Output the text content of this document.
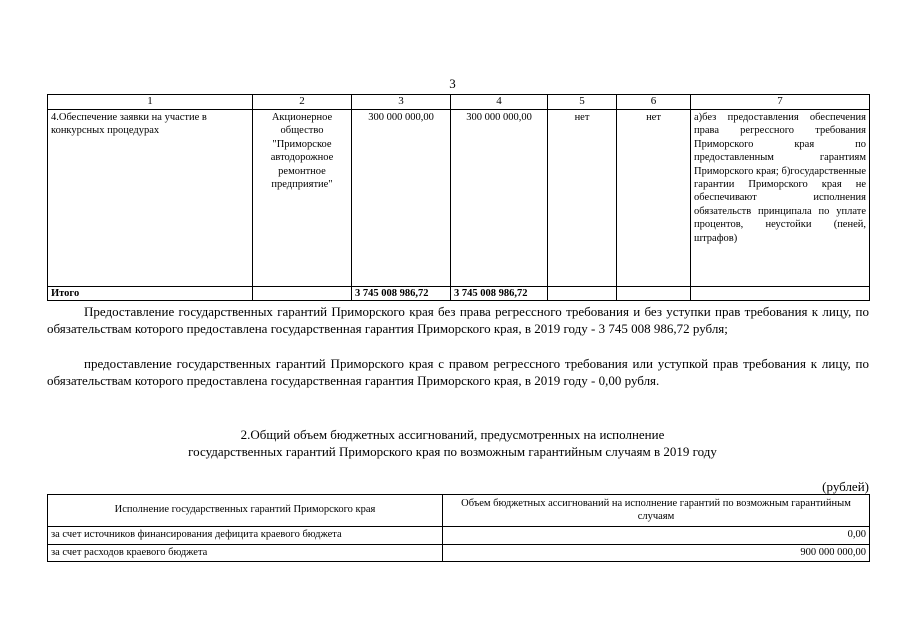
3
1	2	3	4	5	6	7
4.Обеспечение заявки на участие в конкурсных процедурах	Акционерное общество "Приморское автодорожное ремонтное предприятие"	300 000 000,00	300 000 000,00	нет	нет	а)без предоставления обеспечения права регрессного требования Приморского края по предоставленным гарантиям Приморского края; б)государственные гарантии Приморского края не обеспечивают исполнения обязательств принципала по уплате процентов, неустойки (пеней, штрафов)
Итого		3 745 008 986,72	3 745 008 986,72			
Предоставление государственных гарантий Приморского края без права регрессного требования и без уступки прав требования к лицу, по обязательствам которого предоставлена государственная гарантия Приморского края, в 2019 году - 3 745 008 986,72 рубля;
предоставление государственных гарантий Приморского края с правом регрессного требования или уступкой прав требования к лицу, по обязательствам которого предоставлена государственная гарантия Приморского края, в 2019 году - 0,00 рубля.
2.Общий объем бюджетных ассигнований, предусмотренных на исполнение
государственных гарантий Приморского края по возможным гарантийным случаям в 2019 году
(рублей)
Исполнение государственных гарантий Приморского края	Объем бюджетных ассигнований на исполнение гарантий по возможным гарантийным случаям
за счет источников финансирования дефицита краевого бюджета	0,00
за счет расходов краевого бюджета	900 000 000,00
